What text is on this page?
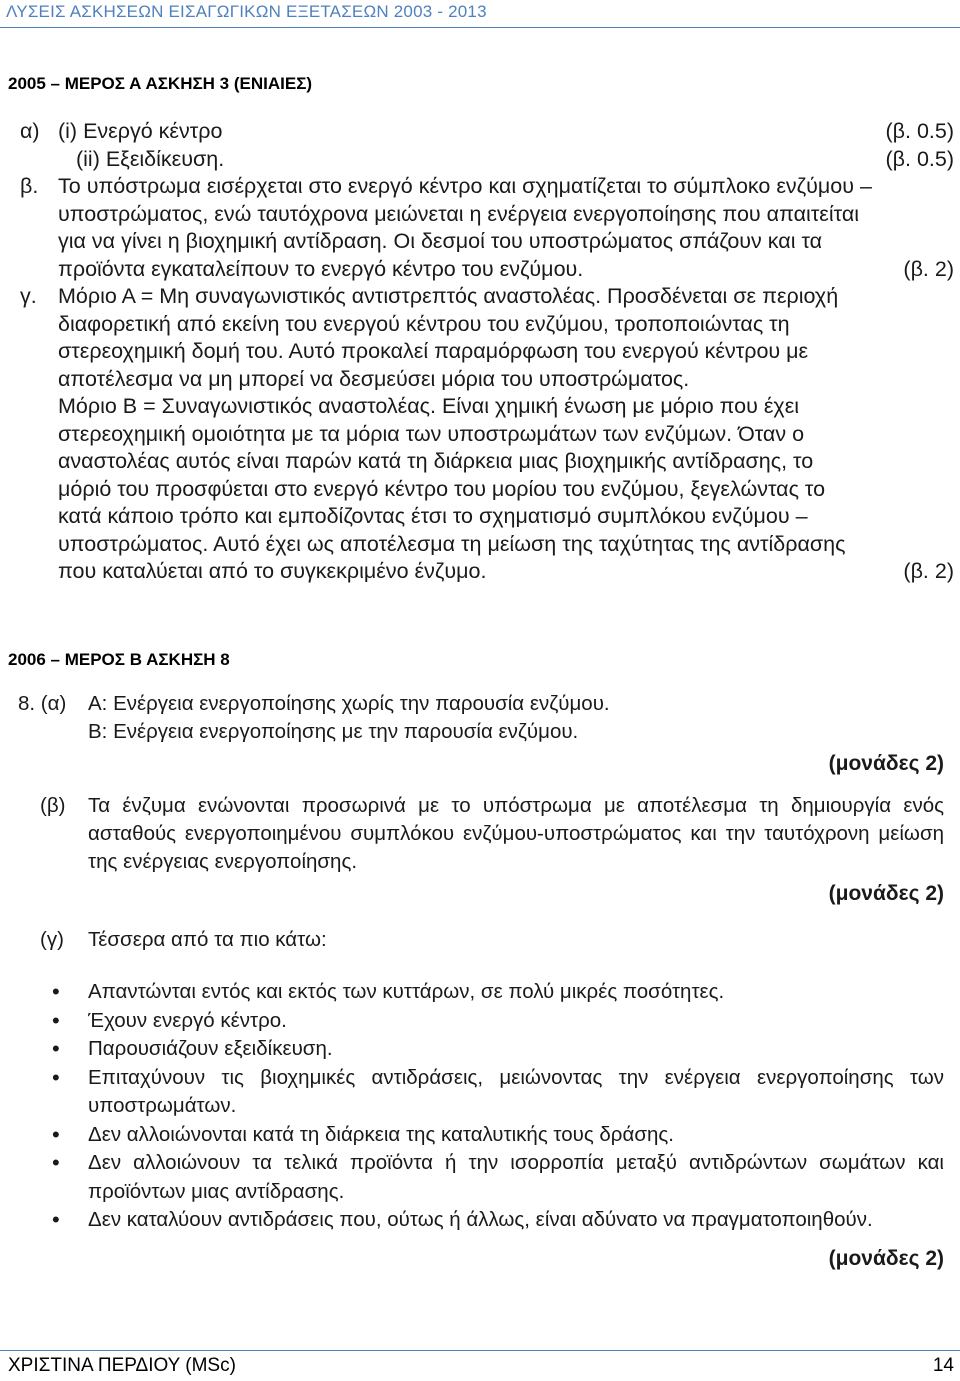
ΛΥΣΕΙΣ ΑΣΚΗΣΕΩΝ ΕΙΣΑΓΩΓΙΚΩΝ ΕΞΕΤΑΣΕΩΝ 2003 - 2013
2005 – ΜΕΡΟΣ Α ΑΣΚΗΣΗ 3 (ΕΝΙΑΙΕΣ)
α) (i) Ενεργό κέντρο	(β. 0.5)
(ii) Εξειδίκευση.	(β. 0.5)
β. Το υπόστρωμα εισέρχεται στο ενεργό κέντρο και σχηματίζεται το σύμπλοκο ενζύμου –
υποστρώματος, ενώ ταυτόχρονα μειώνεται η ενέργεια ενεργοποίησης που απαιτείται
για να γίνει η βιοχημική αντίδραση. Οι δεσμοί του υποστρώματος σπάζουν και τα
προϊόντα εγκαταλείπουν το ενεργό κέντρο του ενζύμου.	(β. 2)
γ. Μόριο Α = Μη συναγωνιστικός αντιστρεπτός αναστολέας. Προσδένεται σε περιοχή
διαφορετική από εκείνη του ενεργού κέντρου του ενζύμου, τροποποιώντας τη
στερεοχημική δομή του. Αυτό προκαλεί παραμόρφωση του ενεργού κέντρου με
αποτέλεσμα να μη μπορεί να δεσμεύσει μόρια του υποστρώματος.
Μόριο Β = Συναγωνιστικός αναστολέας. Είναι χημική ένωση με μόριο που έχει
στερεοχημική ομοιότητα με τα μόρια των υποστρωμάτων των ενζύμων. Όταν ο
αναστολέας αυτός είναι παρών κατά τη διάρκεια μιας βιοχημικής αντίδρασης, το
μόριό του προσφύεται στο ενεργό κέντρο του μορίου του ενζύμου, ξεγελώντας το
κατά κάποιο τρόπο και εμποδίζοντας έτσι το σχηματισμό συμπλόκου ενζύμου –
υποστρώματος. Αυτό έχει ως αποτέλεσμα τη μείωση της ταχύτητας της αντίδρασης
που καταλύεται από το συγκεκριμένο ένζυμο.	(β. 2)
2006 – ΜΕΡΟΣ Β ΑΣΚΗΣΗ 8
8. (α)	Α: Ενέργεια ενεργοποίησης χωρίς την παρουσία ενζύμου.
Β: Ενέργεια ενεργοποίησης με την παρουσία ενζύμου.
(μονάδες 2)
(β)	Τα ένζυμα ενώνονται προσωρινά με το υπόστρωμα με αποτέλεσμα τη δημιουργία ενός ασταθούς ενεργοποιημένου συμπλόκου ενζύμου-υποστρώματος και την ταυτόχρονη μείωση της ενέργειας ενεργοποίησης.
(μονάδες 2)
(γ)	Τέσσερα από τα πιο κάτω:
• Απαντώνται εντός και εκτός των κυττάρων, σε πολύ μικρές ποσότητες.
• Έχουν ενεργό κέντρο.
• Παρουσιάζουν εξειδίκευση.
• Επιταχύνουν τις βιοχημικές αντιδράσεις, μειώνοντας την ενέργεια ενεργοποίησης των υποστρωμάτων.
• Δεν αλλοιώνονται κατά τη διάρκεια της καταλυτικής τους δράσης.
• Δεν αλλοιώνουν τα τελικά προϊόντα ή την ισορροπία μεταξύ αντιδρώντων σωμάτων και προϊόντων μιας αντίδρασης.
• Δεν καταλύουν αντιδράσεις που, ούτως ή άλλως, είναι αδύνατο να πραγματοποιηθούν.
(μονάδες 2)
ΧΡΙΣΤΙΝΑ ΠΕΡΔΙΟΥ (MSc)	14
